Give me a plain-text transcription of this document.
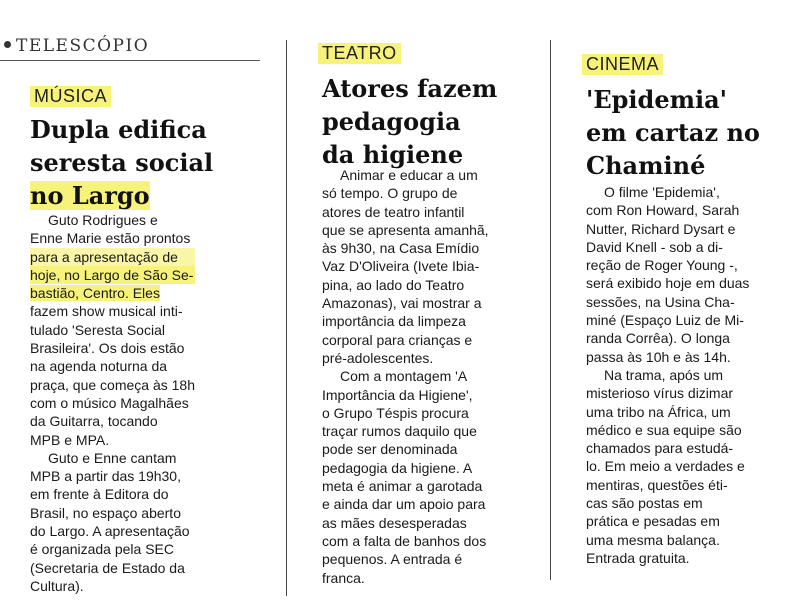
TELESCÓPIO
MÚSICA
Dupla edifica
seresta social
no Largo
Guto Rodrigues e
Enne Marie estão prontos
para a apresentação de
hoje, no Largo de São Se-
bastião, Centro. Eles
fazem show musical inti-
tulado 'Seresta Social
Brasileira'. Os dois estão
na agenda noturna da
praça, que começa às 18h
com o músico Magalhães
da Guitarra, tocando
MPB e MPA.
Guto e Enne cantam
MPB a partir das 19h30,
em frente à Editora do
Brasil, no espaço aberto
do Largo. A apresentação
é organizada pela SEC
(Secretaria de Estado da
Cultura).
TEATRO
Atores fazem
pedagogia
da higiene
Animar e educar a um
só tempo. O grupo de
atores de teatro infantil
que se apresenta amanhã,
às 9h30, na Casa Emídio
Vaz D'Oliveira (Ivete Ibia-
pina, ao lado do Teatro
Amazonas), vai mostrar a
importância da limpeza
corporal para crianças e
pré-adolescentes.
Com a montagem 'A
Importância da Higiene',
o Grupo Téspis procura
traçar rumos daquilo que
pode ser denominada
pedagogia da higiene. A
meta é animar a garotada
e ainda dar um apoio para
as mães desesperadas
com a falta de banhos dos
pequenos. A entrada é
franca.
CINEMA
'Epidemia'
em cartaz no
Chaminé
O filme 'Epidemia',
com Ron Howard, Sarah
Nutter, Richard Dysart e
David Knell - sob a di-
reção de Roger Young -,
será exibido hoje em duas
sessões, na Usina Cha-
miné (Espaço Luiz de Mi-
randa Corrêa). O longa
passa às 10h e às 14h.
Na trama, após um
misterioso vírus dizimar
uma tribo na África, um
médico e sua equipe são
chamados para estudá-
lo. Em meio a verdades e
mentiras, questões éti-
cas são postas em
prática e pesadas em
uma mesma balança.
Entrada gratuita.
